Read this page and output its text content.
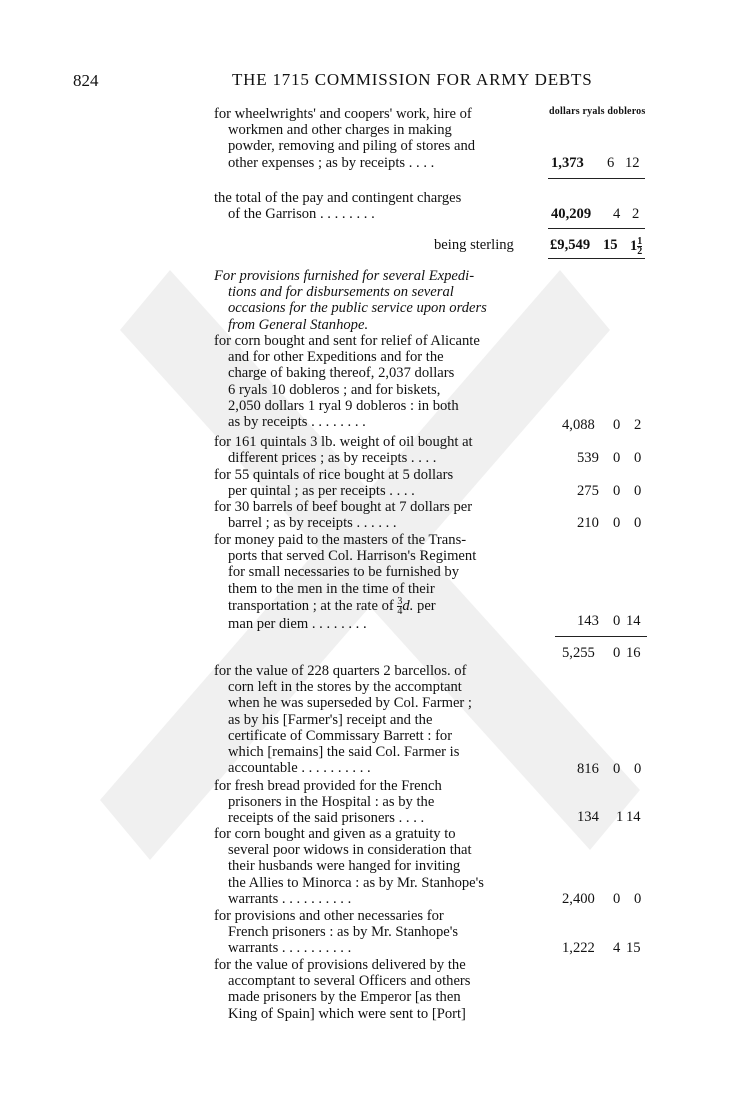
824	THE 1715 COMMISSION FOR ARMY DEBTS
dollars ryals dobleros
for wheelwrights' and coopers' work, hire of
workmen and other charges in making
powder, removing and piling of stores and
other expenses ; as by receipts . . . .	1,373 6 12
the total of the pay and contingent charges
of the Garrison . . . . . . . .	40,209 4 2
being sterling £9,549 15 $1 \frac{1}{2}$
For provisions furnished for several Expedi-
tions and for disbursements on several
occasions for the public service upon orders
from General Stanhope.
for corn bought and sent for relief of Alicante
and for other Expeditions and for the
charge of baking thereof, 2,037 dollars
6 ryals 10 dobleros ; and for biskets,
2,050 dollars 1 ryal 9 dobleros : in both
as by receipts . . . . . . . .	4,088 0 2
for 161 quintals 3 lb. weight of oil bought at
different prices ; as by receipts . . . .	539 0 0
for 55 quintals of rice bought at 5 dollars
per quintal ; as per receipts . . . .	275 0 0
for 30 barrels of beef bought at 7 dollars per
barrel ; as by receipts . . . . . .	210 0 0
for money paid to the masters of the Trans-
ports that served Col. Harrison's Regiment
for small necessaries to be furnished by
them to the men in the time of their
transportation ; at the rate of $\frac{3}{4} d$. per
man per diem . . . . . . . .	143 0 14
5,255 0 16
for the value of 228 quarters 2 barcellos. of
corn left in the stores by the accomptant
when he was superseded by Col. Farmer ;
as by his [Farmer's] receipt and the
certificate of Commissary Barrett : for
which [remains] the said Col. Farmer is
accountable . . . . . . . . . .	816 0 0
for fresh bread provided for the French
prisoners in the Hospital : as by the
receipts of the said prisoners . . . .	134 1 14
for corn bought and given as a gratuity to
several poor widows in consideration that
their husbands were hanged for inviting
the Allies to Minorca : as by Mr. Stanhope's
warrants . . . . . . . . . .	2,400 0 0
for provisions and other necessaries for
French prisoners : as by Mr. Stanhope's
warrants . . . . . . . . . .	1,222 4 15
for the value of provisions delivered by the
accomptant to several Officers and others
made prisoners by the Emperor [as then
King of Spain] which were sent to [Port]
